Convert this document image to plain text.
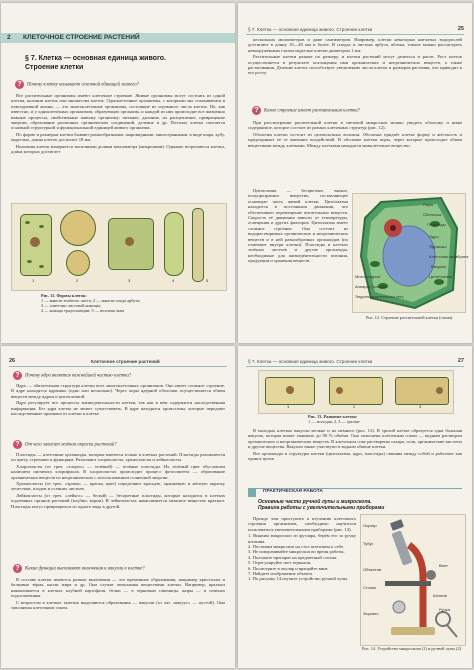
2 КЛЕТОЧНОЕ СТРОЕНИЕ РАСТЕНИЙ
§ 7. Клетка — основная единица живого.
Строение клетки
? Почему клетку называют основной единицей живого?

Все растительные организмы имеют клеточное строение. Живые организмы могут состоять из одной клетки, колонии клеток или множества клеток. Одноклеточные организмы, с которыми мы сталкиваемся в повседневной жизни, — это многоклеточные организмы, состоящие из огромного числа клеток. Но, как известно, и у одноклеточных организмов, образующих организм, и каждой из них происходят все жизненно важные процессы, свойственные живому организму: питание, дыхание, их расщепление, превращение энергии, образование различных органических соединений, деление и др. Поэтому клетка считается основной структурной и функциональной единицей живого организма.

По форме и размерам клетки бывают разнообразными: шаровидными, многогранными, в виде шара, кубу, округлые, длина клеток достигает 18 мм.

Величина клеток измеряется тысячными долями миллиметра (микронами). Одиноко встречаются клетки, длина которых достигает

1	2	3	4	5
Рис. 11. Формы клеток:
1 — мякоти зелёного листа; 2 — мякоти плода арбуза;
3 — эпителии листовой кожицы;
4 — кожица традесканции; 5 — волокна льна
§ 7. Клетка — основная единица живого. Строение клетки	25

нескольких миллиметров и даже сантиметров. Например, клетки некоторых нитчатых водорослей достигают в длину 10—40 мм и более. В плодах и листьях арбуза, яблока, томата можно рассмотреть невооружённым глазом округлые клетки диаметром 1 мм.

Растительные клетки разные по размеру, и клетки растений могут делиться и расти. Рост клеток осуществляется в результате поглощения ими органических и неорганических веществ, а также растягивания. Деление клеток способствует увеличению числа клеток и размеров растения, что приводит к его росту.

? Какое строение имеет растительная клетка?

При рассмотрении растительной клетки в световой микроскоп можно увидеть оболочку и ниже содержимое, которое состоит из разных клеточных структур (рис. 12).

Оболочка клетки состоит из целлюлозных волокон. Оболочка придаёт клетке форму и жёсткость и предохраняет её от внешних воздействий. В оболочке клетки поры, через которые происходит обмен веществами между клетками. Между клетками находится межклеточное вещество.

Цитоплазма — бесцветное, вязкое, полупрозрачное вещество, составляющее основную часть живой клетки. Цитоплазма находится в постоянном движении, что обеспечивает перемещение питательных веществ. Скорость её движения зависит от температуры, освещения и других факторов. Цитоплазма имеет сложное строение. Она состоит из водорастворимых органических и неорганических веществ и в ней разнообразных органоидов (их отмечают внутри клетки). Пластиды в клетках зелёных листьев и другие органоиды, необходимые для жизнедеятельности питания, продукции и хранения веществ.

Поры
Оболочка
Пластиды
Ядро
Ядрышко
Клеточная мембрана
Вакуоль
Цитоплазма
Митохондрии
Аппарат Гольджи
Эндоплазматическая сеть
Рис. 12. Строение растительной клетки (схема)
26	Клеточное строение растений
? Почему ядро является важнейшей частью клетки?

Ядро — обязательная структура клетки всех многоклеточных организмов. Оно имеет сложное строение. В ядре находятся ядрышко (одно или несколько). Через поры ядерной оболочки осуществляется обмен веществ между ядром и цитоплазмой.

Ядро регулирует все процессы жизнедеятельности клетки, так как в нём содержится наследственная информация. Без ядра клетка не может существовать. В ядре находятся хромосомы, которые передают наследственные признаки от клетки к клетке.

? От чего зависит зелёная окраска растений?

Пластиды — клеточные органоиды, которые имеются только в клетках растений. Пластиды различаются по цвету, строению и функциям. Различают хлоропласты, хромопласты и лейкопласты.

Хлоропласты (от греч. «хлорос» — зелёный) — зелёные пластиды. Их зелёный цвет обусловлен наличием пигмента хлорофилла. В хлоропластах происходит процесс фотосинтеза — образование органических веществ из неорганических с использованием солнечной энергии.

Хромопласты (от греч. «хрома» — краска, цвет) определяют красную, оранжевую и жёлтую окраску лепестков, плодов и осенних листьев.

Лейкопласты (от греч. «лейкос» — белый) — бесцветные пластиды, которые находятся в клетках подземных органов растений (клубни, корни). В лейкопластах накапливается запасное вещество крахмал. Пластиды могут превращаться из одного вида в другой.

? Какие функции выполняют включения и вакуоли в клетке?

В составе клетки имеются разные включения — это временные образования, например кристаллы и белковые зёрна, капли жира и др. Они служат запасными веществами клетки. Например, крахмал накапливается в клетках клубней картофеля, белки — в зерновках пшеницы, жиры — в семенах подсолнечника.

С возрастом в клетках заметно выделяются образования — вакуоли (от лат. «вакуус» — пустой). Они заполнены клеточным соком.

§ 7. Клетка — основная единица живого. Строение клетки	27
1	2	3
Рис. 13. Развитие клеток:
1 — молодая; 2, 3 — зрелые

В молодых клетках вакуоли мелкие и их немного (рис. 13). В зрелой клетке образуется одна большая вакуоль, которая может занимать до 90 % объёма. Она заполнена клеточным соком — водным раствором органических и неорганических веществ. В клеточном соке растворены сахара, соли, органические кислоты и другие вещества. Вакуоли также участвуют в водном обмене клетки.

Все органоиды и структуры клетки (цитоплазма, ядро, пластиды) связаны между собой и работают как единое целое.

$^{ПРАКТИЧЕСКАЯ РАБОТА}$
Основные части ручной лупы и микроскопа.
Правила работы с увеличительными приборами

Прежде чем приступить к изучению клеточного строения организмов, необходимо научиться пользоваться увеличительными приборами (рис. 14).

1. Выявим микроскоп из футляра, берём его за ручку штатива.
2. Поставим микроскоп на стол штативом к себе.
3. Не поворачивайте микроскоп во время работы.
4. Положите препарат на предметный столик.
5. Отрегулируйте свет зеркалом.
6. Посмотрите в окуляр и вращайте винт.
7. Найдите изображение объекта.
1. По рисунку 14 изучите устройство ручной лупы.
Окуляр
Тубус
Винт
Объектив
Столик
Зеркало
Штатив
Ручка
Рис. 14. Устройство микроскопа (1) и ручной лупы (2)
